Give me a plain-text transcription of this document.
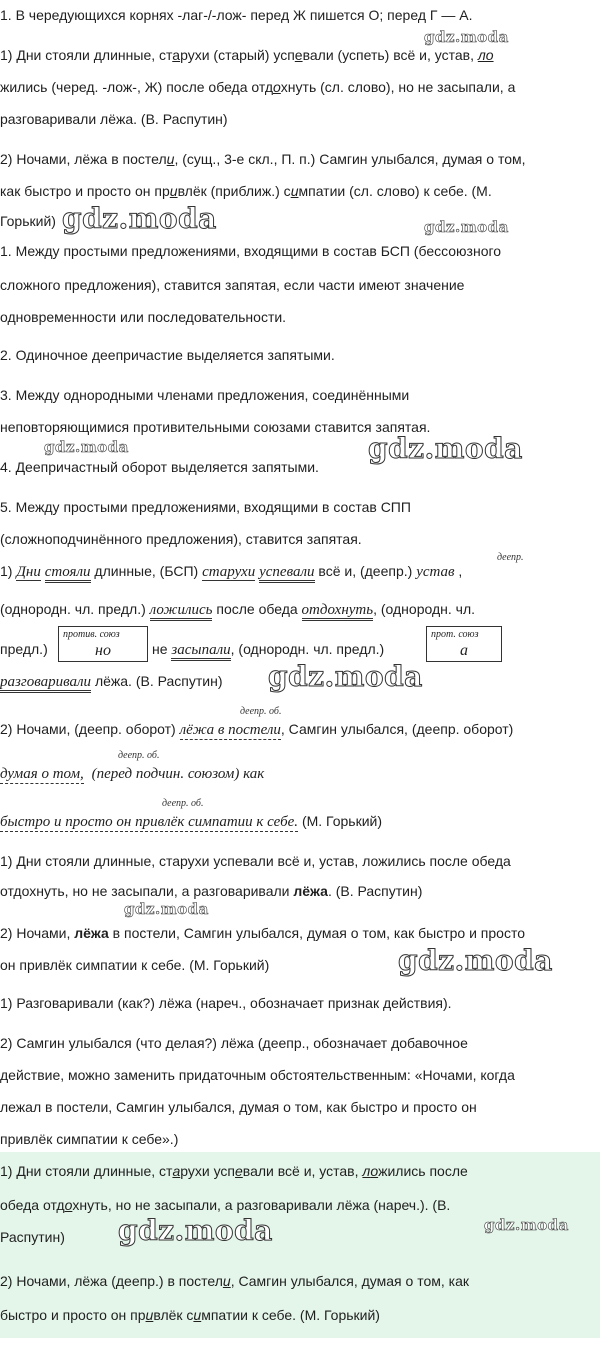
1. В чередующихся корнях -лаг-/-лож- перед Ж пишется О; перед Г — А.
1) Дни стояли длинные, старухи (старый) успевали (успеть) всё и, устав, ло
жились (черед. -лож-, Ж) после обеда отдохнуть (сл. слово), но не засыпали, а
разговаривали лёжа. (В. Распутин)
2) Ночами, лёжа в постели, (сущ., 3-е скл., П. п.) Самгин улыбался, думая о том,
как быстро и просто он привлёк (приближ.) симпатии (сл. слово) к себе. (М.
Горький)
1. Между простыми предложениями, входящими в состав БСП (бессоюзного
сложного предложения), ставится запятая, если части имеют значение
одновременности или последовательности.
2. Одиночное деепричастие выделяется запятыми.
3. Между однородными членами предложения, соединёнными
неповторяющимися противительными союзами ставится запятая.
4. Деепричастный оборот выделяется запятыми.
5. Между простыми предложениями, входящими в состав СПП
(сложноподчинённого предложения), ставится запятая.
деепр.
1) Дни стояли длинные, (БСП) старухи успевали всё и, (деепр.) устав ,
(однородн. чл. предл.) ложились после обеда отдохнуть, (однородн. чл.
предл.)
против. союз
но	не засыпали, (однородн. чл. предл.)
прот. союз
а
разговаривали лёжа. (В. Распутин)
деепр. об.
2) Ночами, (деепр. оборот) лёжа в постели, Самгин улыбался, (деепр. оборот)
деепр. об.
думая о том, (перед подчин. союзом) как
деепр. об.
быстро и просто он привлёк симпатии к себе. (М. Горький)
1) Дни стояли длинные, старухи успевали всё и, устав, ложились после обеда
отдохнуть, но не засыпали, а разговаривали лёжа. (В. Распутин)
2) Ночами, лёжа в постели, Самгин улыбался, думая о том, как быстро и просто
он привлёк симпатии к себе. (М. Горький)
1) Разговаривали (как?) лёжа (нареч., обозначает признак действия).
2) Самгин улыбался (что делая?) лёжа (деепр., обозначает добавочное
действие, можно заменить придаточным обстоятельственным: «Ночами, когда
лежал в постели, Самгин улыбался, думая о том, как быстро и просто он
привлёк симпатии к себе».)
1) Дни стояли длинные, старухи успевали всё и, устав, ложились после
обеда отдохнуть, но не засыпали, а разговаривали лёжа (нареч.). (В.
Распутин)
2) Ночами, лёжа (деепр.) в постели, Самгин улыбался, думая о том, как
быстро и просто он привлёк симпатии к себе. (М. Горький)
gdz.moda
gdz.moda	gdz.moda
gdz.moda	gdz.moda
gdz.moda
gdz.moda
gdz.moda
gdz.moda	gdz.moda
